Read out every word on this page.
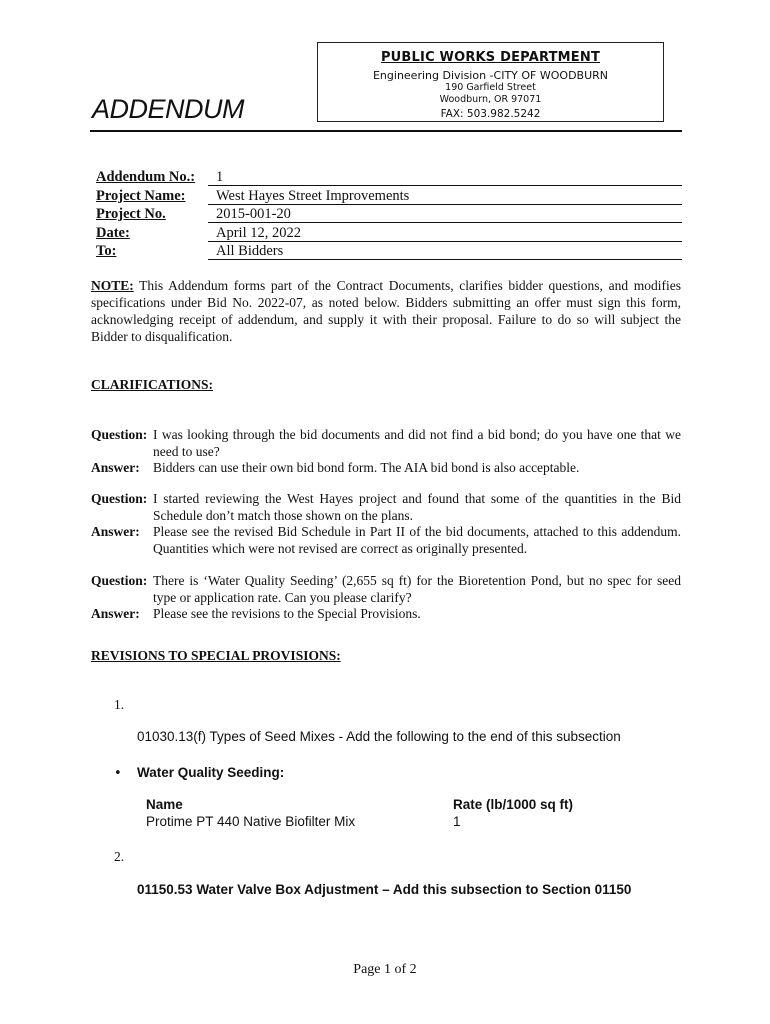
PUBLIC WORKS DEPARTMENT
Engineering Division -CITY OF WOODBURN
190 Garfield Street
Woodburn, OR 97071
FAX: 503.982.5242
ADDENDUM
Addendum No.:	1
Project Name:	West Hayes Street Improvements
Project No.	2015-001-20
Date:	April 12, 2022
To:	All Bidders
NOTE: This Addendum forms part of the Contract Documents, clarifies bidder questions, and modifies specifications under Bid No. 2022-07, as noted below. Bidders submitting an offer must sign this form, acknowledging receipt of addendum, and supply it with their proposal. Failure to do so will subject the Bidder to disqualification.
CLARIFICATIONS:
Question: I was looking through the bid documents and did not find a bid bond; do you have one that we need to use?
Answer: Bidders can use their own bid bond form. The AIA bid bond is also acceptable.
Question: I started reviewing the West Hayes project and found that some of the quantities in the Bid Schedule don’t match those shown on the plans.
Answer: Please see the revised Bid Schedule in Part II of the bid documents, attached to this addendum. Quantities which were not revised are correct as originally presented.
Question: There is ‘Water Quality Seeding’ (2,655 sq ft) for the Bioretention Pond, but no spec for seed type or application rate. Can you please clarify?
Answer: Please see the revisions to the Special Provisions.
REVISIONS TO SPECIAL PROVISIONS:
1.
01030.13(f) Types of Seed Mixes - Add the following to the end of this subsection
• Water Quality Seeding:
Name	Rate (lb/1000 sq ft)
Protime PT 440 Native Biofilter Mix	1
2.
01150.53 Water Valve Box Adjustment – Add this subsection to Section 01150
Page 1 of 2
